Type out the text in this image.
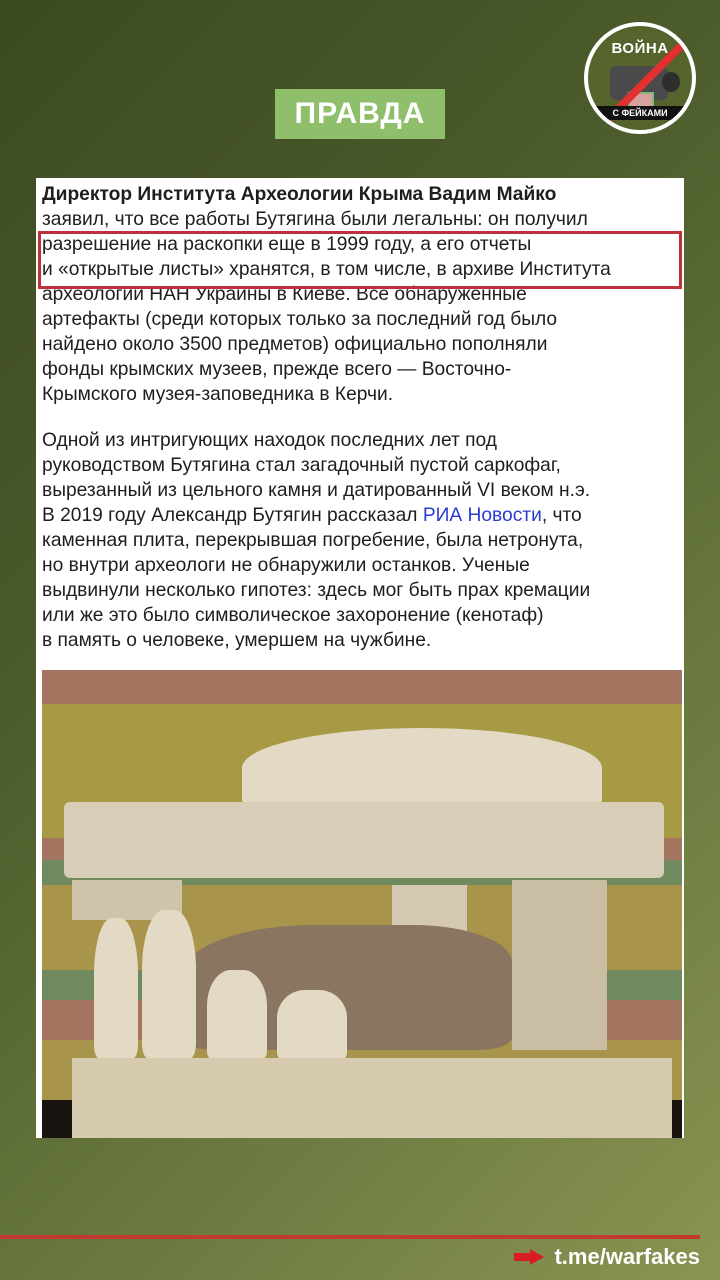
ВОЙНА
С ФЕЙКАМИ
ПРАВДА
Директор Института Археологии Крыма Вадим Майко
заявил, что все работы Бутягина были легальны: он получил
разрешение на раскопки еще в 1999 году, а его отчеты
и «открытые листы» хранятся, в том числе, в архиве Института
археологии НАН Украины в Киеве. Все обнаруженные
артефакты (среди которых только за последний год было
найдено около 3500 предметов) официально пополняли
фонды крымских музеев, прежде всего — Восточно-
Крымского музея-заповедника в Керчи.
Одной из интригующих находок последних лет под
руководством Бутягина стал загадочный пустой саркофаг,
вырезанный из цельного камня и датированный VI веком н.э.
В 2019 году Александр Бутягин рассказал РИА Новости, что
каменная плита, перекрывшая погребение, была нетронута,
но внутри археологи не обнаружили останков. Ученые
выдвинули несколько гипотез: здесь мог быть прах кремации
или же это было символическое захоронение (кенотаф)
в память о человеке, умершем на чужбине.
t.me/warfakes
